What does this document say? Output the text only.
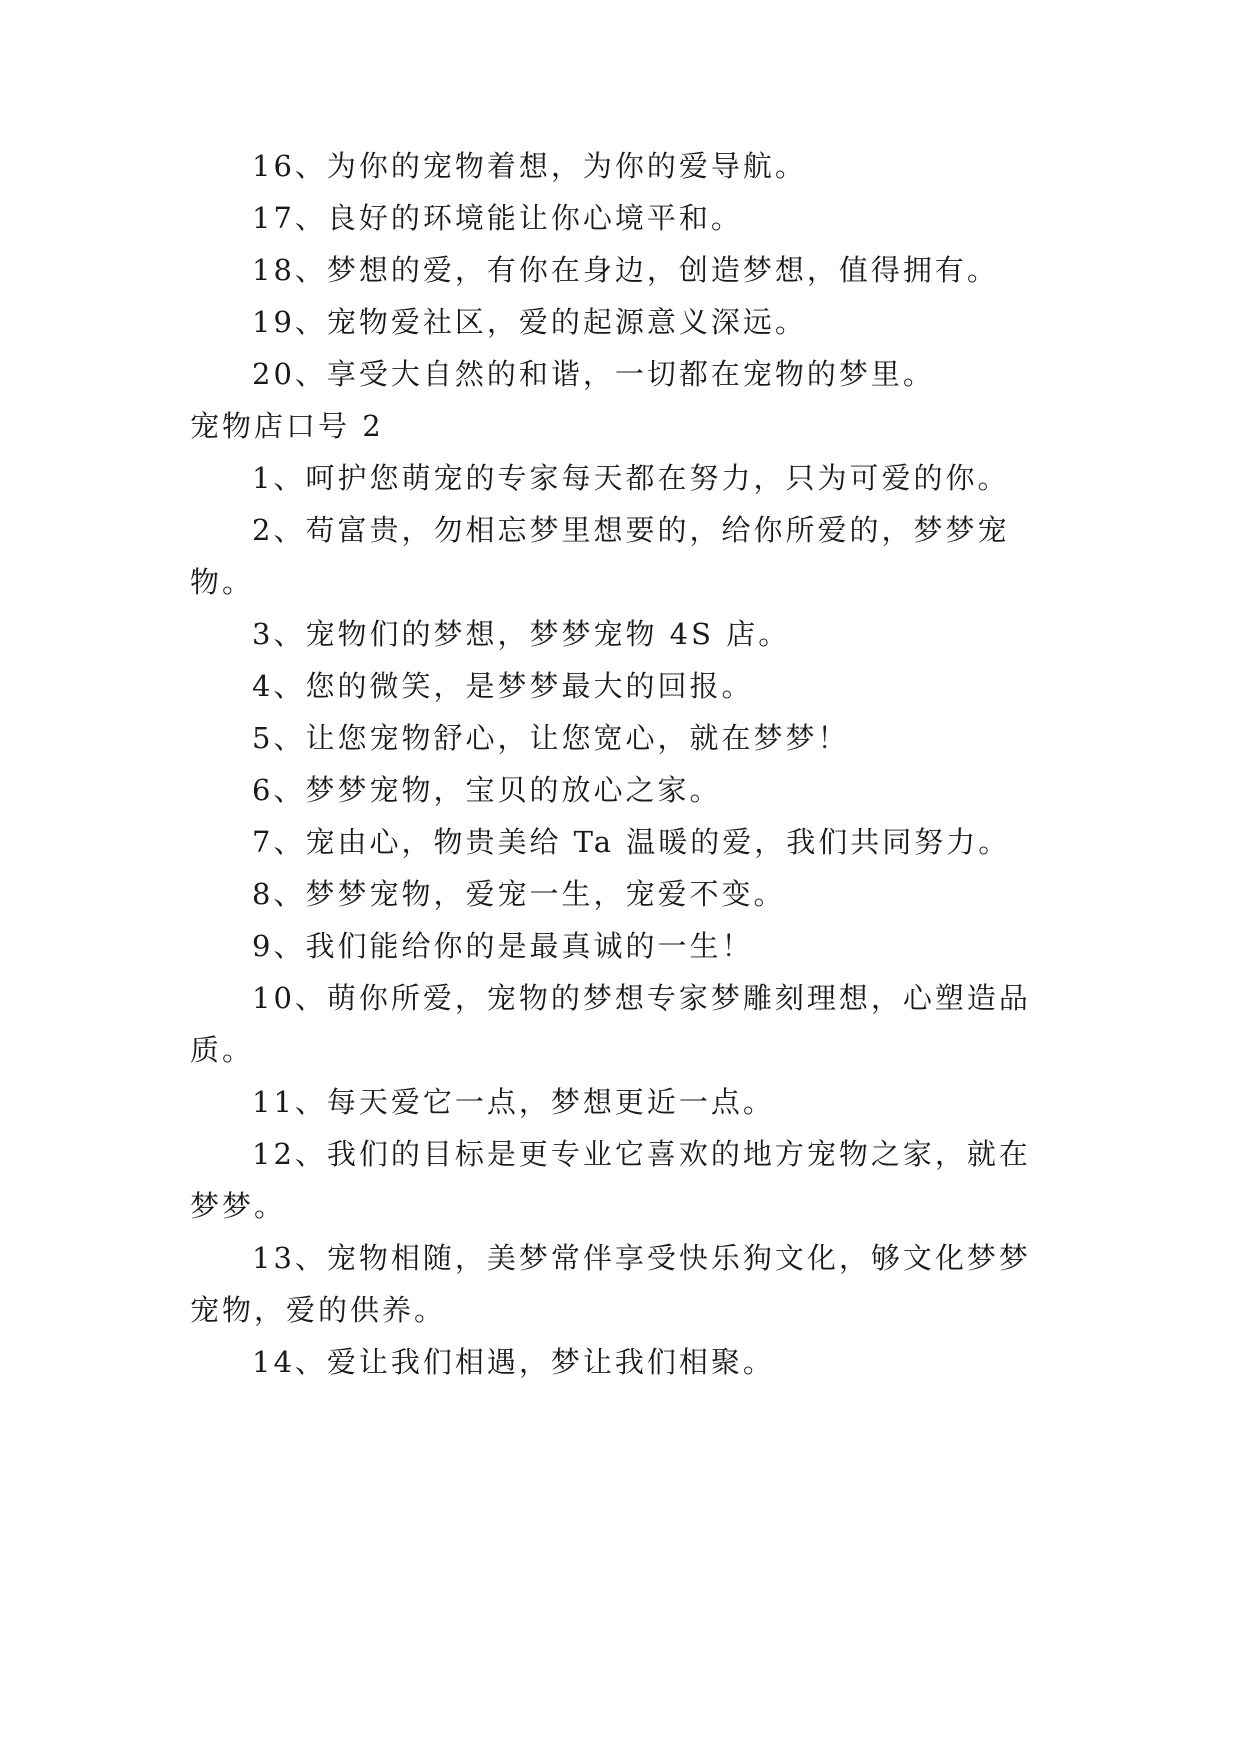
16、为你的宠物着想，为你的爱导航。
17、良好的环境能让你心境平和。
18、梦想的爱，有你在身边，创造梦想，值得拥有。
19、宠物爱社区，爱的起源意义深远。
20、享受大自然的和谐，一切都在宠物的梦里。
宠物店口号 2
1、呵护您萌宠的专家每天都在努力，只为可爱的你。
2、苟富贵，勿相忘梦里想要的，给你所爱的，梦梦宠
物。
3、宠物们的梦想，梦梦宠物 4S 店。
4、您的微笑，是梦梦最大的回报。
5、让您宠物舒心，让您宽心，就在梦梦！
6、梦梦宠物，宝贝的放心之家。
7、宠由心，物贵美给 Ta 温暖的爱，我们共同努力。
8、梦梦宠物，爱宠一生，宠爱不变。
9、我们能给你的是最真诚的一生！
10、萌你所爱，宠物的梦想专家梦雕刻理想，心塑造品
质。
11、每天爱它一点，梦想更近一点。
12、我们的目标是更专业它喜欢的地方宠物之家，就在
梦梦。
13、宠物相随，美梦常伴享受快乐狗文化，够文化梦梦
宠物，爱的供养。
14、爱让我们相遇，梦让我们相聚。
